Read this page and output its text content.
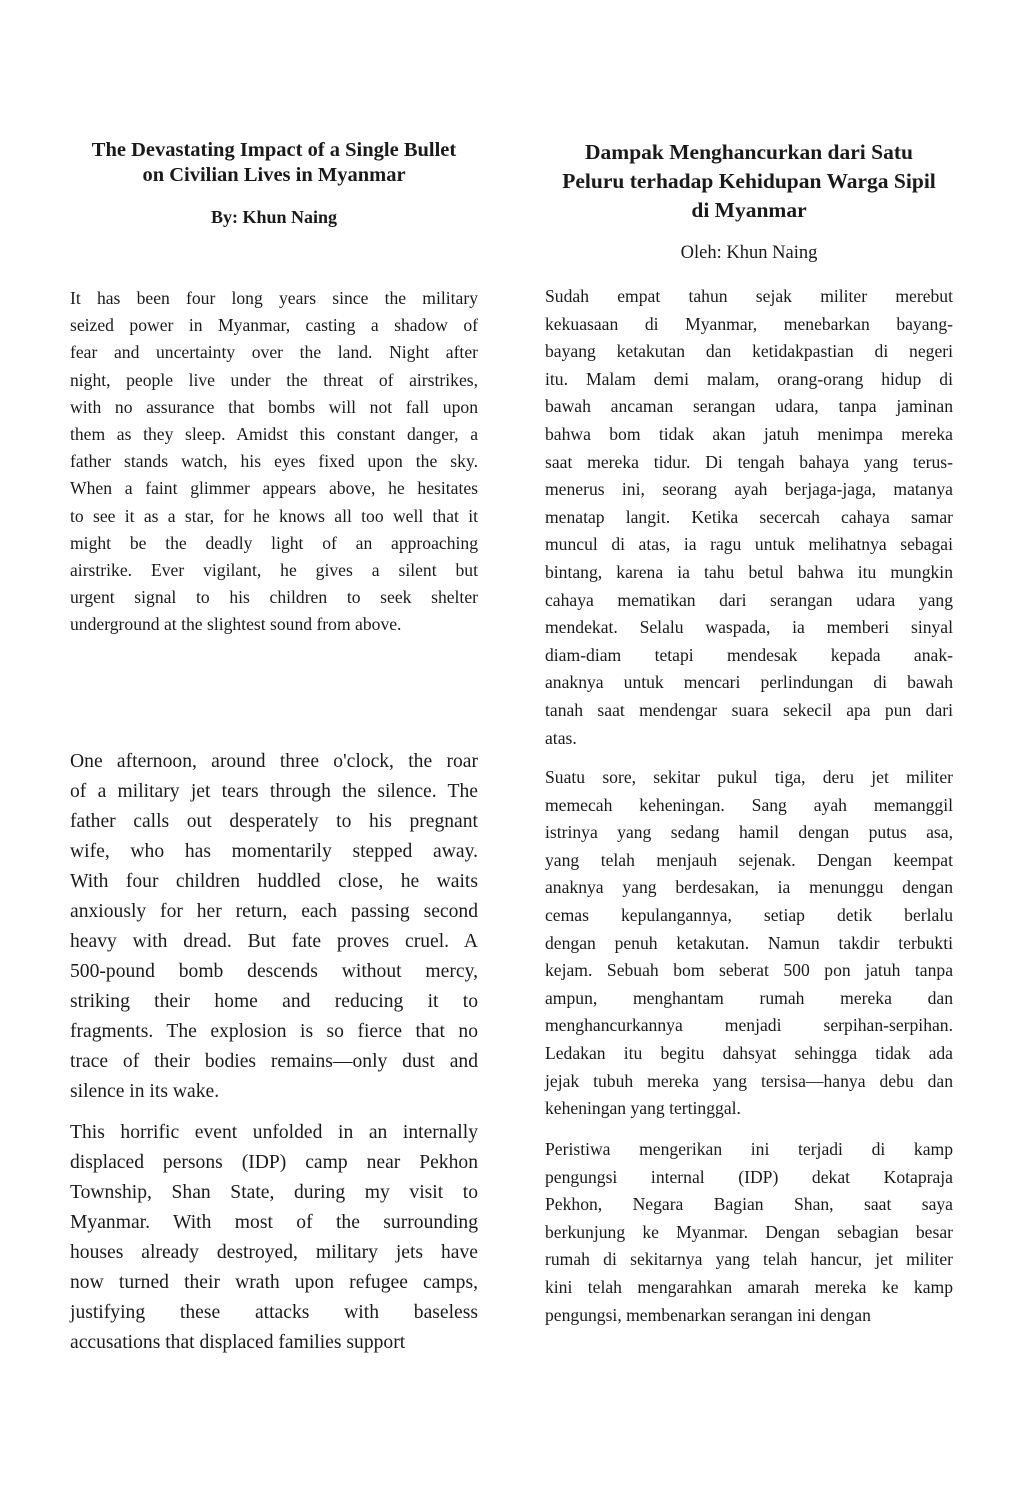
The Devastating Impact of a Single Bullet
on Civilian Lives in Myanmar

By: Khun Naing

It has been four long years since the military
seized power in Myanmar, casting a shadow of
fear and uncertainty over the land. Night after
night, people live under the threat of airstrikes,
with no assurance that bombs will not fall upon
them as they sleep. Amidst this constant danger, a
father stands watch, his eyes fixed upon the sky.
When a faint glimmer appears above, he hesitates
to see it as a star, for he knows all too well that it
might be the deadly light of an approaching
airstrike. Ever vigilant, he gives a silent but
urgent signal to his children to seek shelter
underground at the slightest sound from above.

One afternoon, around three o'clock, the roar
of a military jet tears through the silence. The
father calls out desperately to his pregnant
wife, who has momentarily stepped away.
With four children huddled close, he waits
anxiously for her return, each passing second
heavy with dread. But fate proves cruel. A
500-pound bomb descends without mercy,
striking their home and reducing it to
fragments. The explosion is so fierce that no
trace of their bodies remains—only dust and
silence in its wake.

This horrific event unfolded in an internally
displaced persons (IDP) camp near Pekhon
Township, Shan State, during my visit to
Myanmar. With most of the surrounding
houses already destroyed, military jets have
now turned their wrath upon refugee camps,
justifying these attacks with baseless
accusations that displaced families support

Dampak Menghancurkan dari Satu
Peluru terhadap Kehidupan Warga Sipil
di Myanmar

Oleh: Khun Naing

Sudah empat tahun sejak militer merebut
kekuasaan di Myanmar, menebarkan bayang-
bayang ketakutan dan ketidakpastian di negeri
itu. Malam demi malam, orang-orang hidup di
bawah ancaman serangan udara, tanpa jaminan
bahwa bom tidak akan jatuh menimpa mereka
saat mereka tidur. Di tengah bahaya yang terus-
menerus ini, seorang ayah berjaga-jaga, matanya
menatap langit. Ketika secercah cahaya samar
muncul di atas, ia ragu untuk melihatnya sebagai
bintang, karena ia tahu betul bahwa itu mungkin
cahaya mematikan dari serangan udara yang
mendekat. Selalu waspada, ia memberi sinyal
diam-diam tetapi mendesak kepada anak-
anaknya untuk mencari perlindungan di bawah
tanah saat mendengar suara sekecil apa pun dari
atas.

Suatu sore, sekitar pukul tiga, deru jet militer
memecah keheningan. Sang ayah memanggil
istrinya yang sedang hamil dengan putus asa,
yang telah menjauh sejenak. Dengan keempat
anaknya yang berdesakan, ia menunggu dengan
cemas kepulangannya, setiap detik berlalu
dengan penuh ketakutan. Namun takdir terbukti
kejam. Sebuah bom seberat 500 pon jatuh tanpa
ampun, menghantam rumah mereka dan
menghancurkannya menjadi serpihan-serpihan.
Ledakan itu begitu dahsyat sehingga tidak ada
jejak tubuh mereka yang tersisa—hanya debu dan
keheningan yang tertinggal.

Peristiwa mengerikan ini terjadi di kamp
pengungsi internal (IDP) dekat Kotapraja
Pekhon, Negara Bagian Shan, saat saya
berkunjung ke Myanmar. Dengan sebagian besar
rumah di sekitarnya yang telah hancur, jet militer
kini telah mengarahkan amarah mereka ke kamp
pengungsi, membenarkan serangan ini dengan
